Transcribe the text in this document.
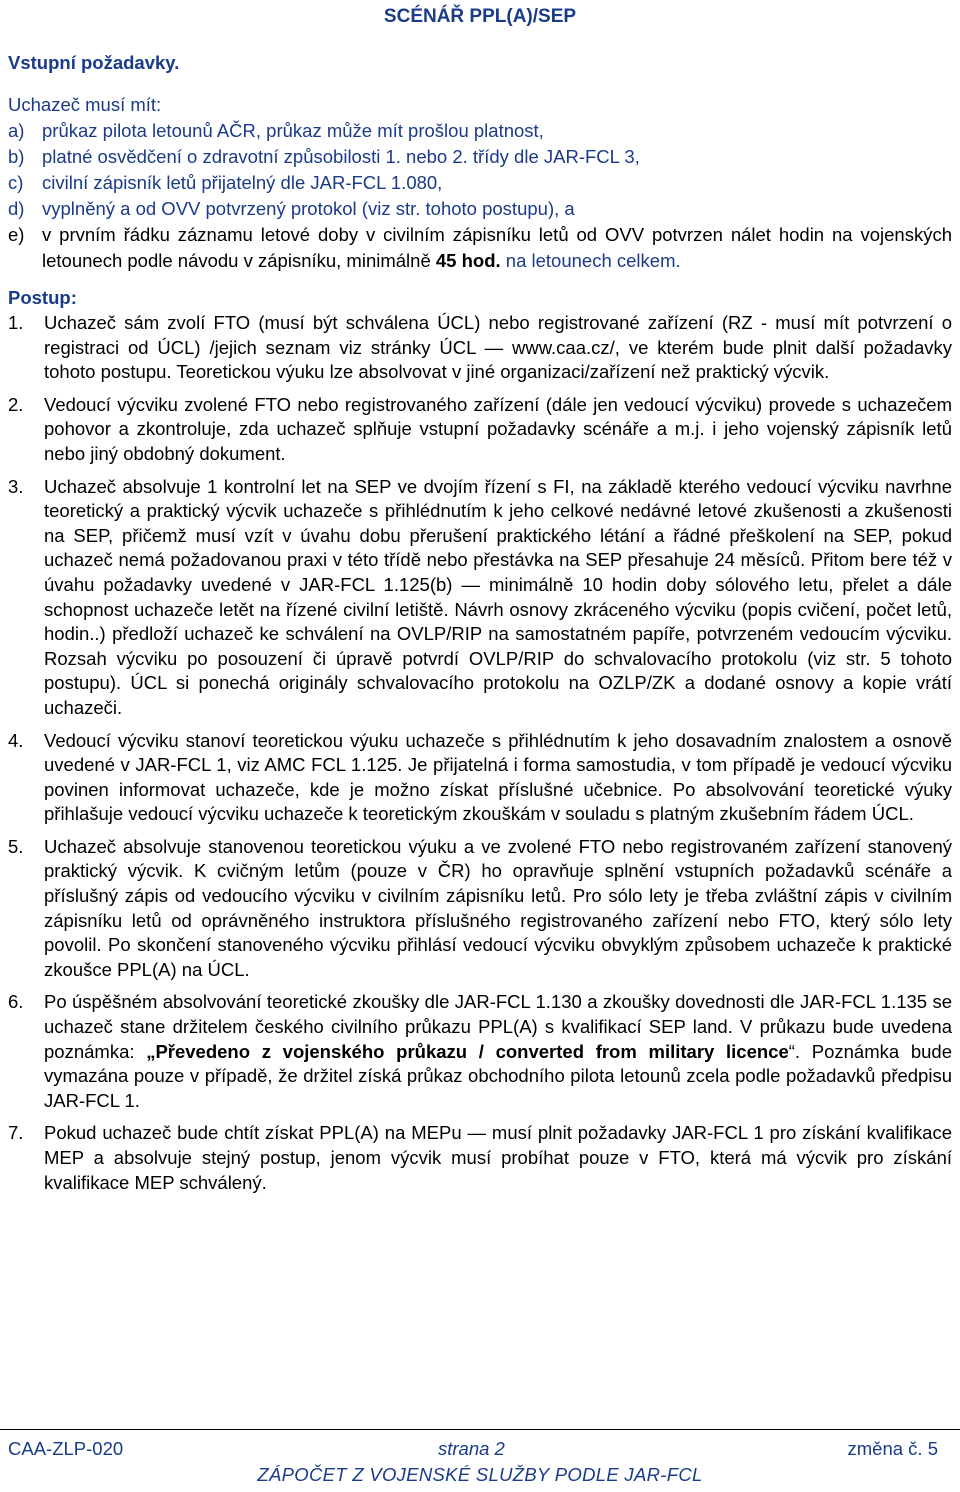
SCÉNÁŘ PPL(A)/SEP
Vstupní požadavky.

Uchazeč musí mít:

a) průkaz pilota letounů AČR, průkaz může mít prošlou platnost,
b) platné osvědčení o zdravotní způsobilosti 1. nebo 2. třídy dle JAR-FCL 3,
c)	civilní zápisník letů přijatelný dle JAR-FCL 1.080,
d) vyplněný a od OVV potvrzený protokol (viz str. tohoto postupu), a
e) v prvním řádku záznamu letové doby v civilním zápisníku letů od OVV potvrzen nálet hodin na vojenských letounech podle návodu v zápisníku, minimálně 45 hod. na letounech celkem.
Postup:
1.	Uchazeč sám zvolí FTO (musí být schválena ÚCL) nebo registrované zařízení (RZ - musí mít potvrzení o registraci od ÚCL) /jejich seznam viz stránky ÚCL — www.caa.cz/, ve kterém bude plnit další požadavky tohoto postupu. Teoretickou výuku lze absolvovat v jiné organizaci/zařízení než praktický výcvik.
2.	Vedoucí výcviku zvolené FTO nebo registrovaného zařízení (dále jen vedoucí výcviku) provede s uchazečem pohovor a zkontroluje, zda uchazeč splňuje vstupní požadavky scénáře a m.j. i jeho vojenský zápisník letů nebo jiný obdobný dokument.
3.	Uchazeč absolvuje 1 kontrolní let na SEP ve dvojím řízení s FI, na základě kterého vedoucí výcviku navrhne teoretický a praktický výcvik uchazeče s přihlédnutím k jeho celkové nedávné letové zkušenosti a zkušenosti na SEP, přičemž musí vzít v úvahu dobu přerušení praktického létání a řádné přeškolení na SEP, pokud uchazeč nemá požadovanou praxi v této třídě nebo přestávka na SEP přesahuje 24 měsíců. Přitom bere též v úvahu požadavky uvedené v JAR-FCL 1.125(b) — minimálně 10 hodin doby sólového letu, přelet a dále schopnost uchazeče letět na řízené civilní letiště. Návrh osnovy zkráceného výcviku (popis cvičení, počet letů, hodin..) předloží uchazeč ke schválení na OVLP/RIP na samostatném papíře, potvrzeném vedoucím výcviku. Rozsah výcviku po posouzení či úpravě potvrdí OVLP/RIP do schvalovacího protokolu (viz str. 5 tohoto postupu). ÚCL si ponechá originály schvalovacího protokolu na OZLP/ZK a dodané osnovy a kopie vrátí uchazeči.
4.	Vedoucí výcviku stanoví teoretickou výuku uchazeče s přihlédnutím k jeho dosavadním znalostem a osnově uvedené v JAR-FCL 1, viz AMC FCL 1.125. Je přijatelná i forma samostudia, v tom případě je vedoucí výcviku povinen informovat uchazeče, kde je možno získat příslušné učebnice. Po absolvování teoretické výuky přihlašuje vedoucí výcviku uchazeče k teoretickým zkouškám v souladu s platným zkušebním řádem ÚCL.
5.	Uchazeč absolvuje stanovenou teoretickou výuku a ve zvolené FTO nebo registrovaném zařízení stanovený praktický výcvik. K cvičným letům (pouze v ČR) ho opravňuje splnění vstupních požadavků scénáře a příslušný zápis od vedoucího výcviku v civilním zápisníku letů. Pro sólo lety je třeba zvláštní zápis v civilním zápisníku letů od oprávněného instruktora příslušného registrovaného zařízení nebo FTO, který sólo lety povolil. Po skončení stanoveného výcviku přihlásí vedoucí výcviku obvyklým způsobem uchazeče k praktické zkoušce PPL(A) na ÚCL.
6.	Po úspěšném absolvování teoretické zkoušky dle JAR-FCL 1.130 a zkoušky dovednosti dle JAR-FCL 1.135 se uchazeč stane držitelem českého civilního průkazu PPL(A) s kvalifikací SEP land. V průkazu bude uvedena poznámka: „Převedeno z vojenského průkazu / converted from military licence“. Poznámka bude vymazána pouze v případě, že držitel získá průkaz obchodního pilota letounů zcela podle požadavků předpisu JAR-FCL 1.
7.	Pokud uchazeč bude chtít získat PPL(A) na MEPu — musí plnit požadavky JAR-FCL 1 pro získání kvalifikace MEP a absolvuje stejný postup, jenom výcvik musí probíhat pouze v FTO, která má výcvik pro získání kvalifikace MEP schválený.
CAA-ZLP-020	strana 2	změna č. 5
ZÁPOČET Z VOJENSKÉ SLUŽBY PODLE JAR-FCL
